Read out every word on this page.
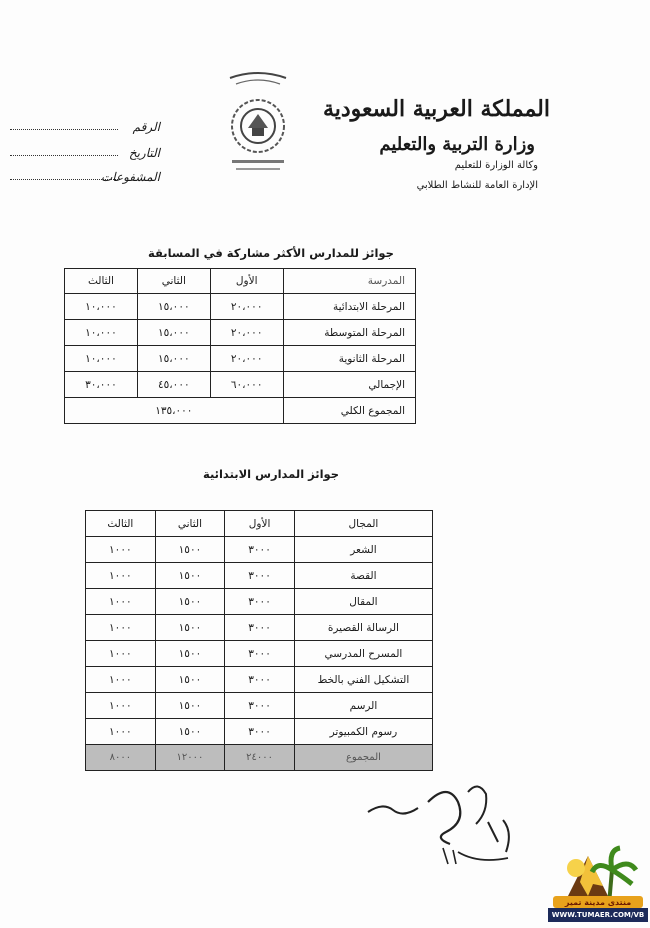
المملكة العربية السعودية
وزارة التربية والتعليم
وكالة الوزارة للتعليم
الإدارة العامة للنشاط الطلابي
الرقم
التاريخ
المشفوعات
جوائز للمدارس الأكثر مشاركة في المسابقة
المدرسة	الأول	الثاني	الثالث
المرحلة الابتدائية	٢٠،٠٠٠	١٥،٠٠٠	١٠،٠٠٠
المرحلة المتوسطة	٢٠،٠٠٠	١٥،٠٠٠	١٠،٠٠٠
المرحلة الثانوية	٢٠،٠٠٠	١٥،٠٠٠	١٠،٠٠٠
الإجمالي	٦٠،٠٠٠	٤٥،٠٠٠	٣٠،٠٠٠
المجموع الكلي	١٣٥،٠٠٠		
جوائز المدارس الابتدائية
المجال	الأول	الثاني	الثالث
الشعر	٣٠٠٠	١٥٠٠	١٠٠٠
القصة	٣٠٠٠	١٥٠٠	١٠٠٠
المقال	٣٠٠٠	١٥٠٠	١٠٠٠
الرسالة القصيرة	٣٠٠٠	١٥٠٠	١٠٠٠
المسرح المدرسي	٣٠٠٠	١٥٠٠	١٠٠٠
التشكيل الفني بالخط	٣٠٠٠	١٥٠٠	١٠٠٠
الرسم	٣٠٠٠	١٥٠٠	١٠٠٠
رسوم الكمبيوتر	٣٠٠٠	١٥٠٠	١٠٠٠
المجموع	٢٤٠٠٠	١٢٠٠٠	٨٠٠٠
منتدى مدينة تمير
WWW.TUMAER.COM/VB
